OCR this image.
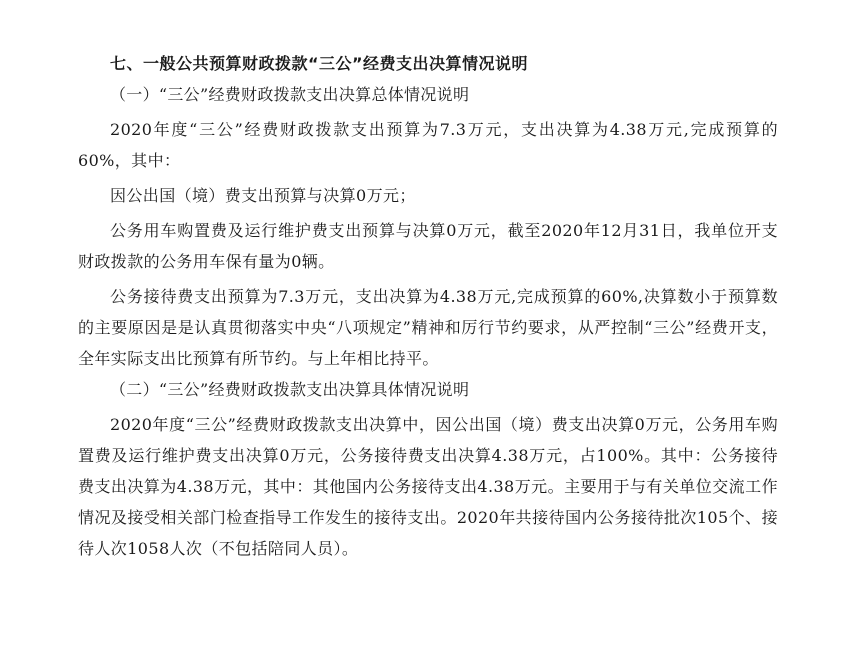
七、一般公共预算财政拨款“三公”经费支出决算情况说明
（一）“三公”经费财政拨款支出决算总体情况说明
2020年度“三公”经费财政拨款支出预算为7.3万元，支出决算为4.38万元,完成预算的60%，其中：
因公出国（境）费支出预算与决算0万元；
公务用车购置费及运行维护费支出预算与决算0万元，截至2020年12月31日，我单位开支财政拨款的公务用车保有量为0辆。
公务接待费支出预算为7.3万元，支出决算为4.38万元,完成预算的60%,决算数小于预算数的主要原因是是认真贯彻落实中央“八项规定”精神和厉行节约要求，从严控制“三公”经费开支，全年实际支出比预算有所节约。与上年相比持平。
（二）“三公”经费财政拨款支出决算具体情况说明
2020年度“三公”经费财政拨款支出决算中，因公出国（境）费支出决算0万元，公务用车购置费及运行维护费支出决算0万元，公务接待费支出决算4.38万元，占100%。其中：公务接待费支出决算为4.38万元，其中：其他国内公务接待支出4.38万元。主要用于与有关单位交流工作情况及接受相关部门检查指导工作发生的接待支出。2020年共接待国内公务接待批次105个、接待人次1058人次（不包括陪同人员）。
